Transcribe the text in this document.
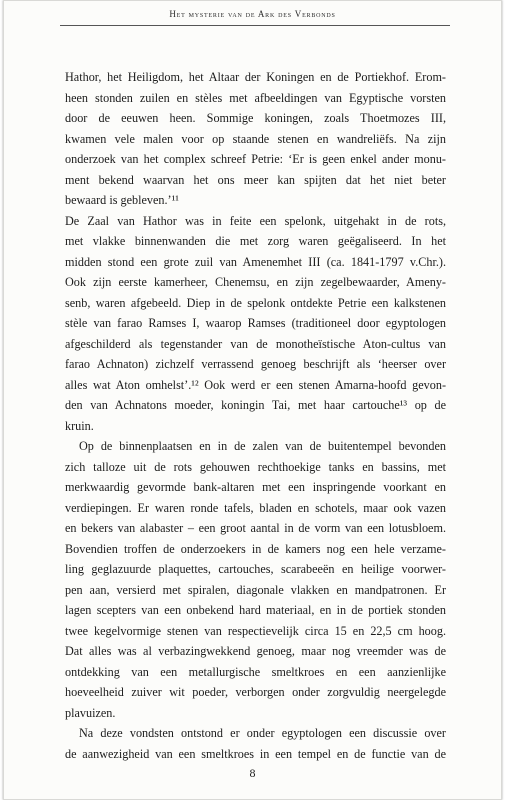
Het mysterie van de Ark des Verbonds
Hathor, het Heiligdom, het Altaar der Koningen en de Portiekhof. Erom-
heen stonden zuilen en stèles met afbeeldingen van Egyptische vorsten
door de eeuwen heen. Sommige koningen, zoals Thoetmozes III,
kwamen vele malen voor op staande stenen en wandreliëfs. Na zijn
onderzoek van het complex schreef Petrie: ‘Er is geen enkel ander monu-
ment bekend waarvan het ons meer kan spijten dat het niet beter
bewaard is gebleven.’¹¹
De Zaal van Hathor was in feite een spelonk, uitgehakt in de rots,
met vlakke binnenwanden die met zorg waren geëgaliseerd. In het
midden stond een grote zuil van Amenemhet III (ca. 1841-1797 v.Chr.).
Ook zijn eerste kamerheer, Chenemsu, en zijn zegelbewaarder, Ameny-
senb, waren afgebeeld. Diep in de spelonk ontdekte Petrie een kalkstenen
stèle van farao Ramses I, waarop Ramses (traditioneel door egyptologen
afgeschilderd als tegenstander van de monotheïstische Aton-cultus van
farao Achnaton) zichzelf verrassend genoeg beschrijft als ‘heerser over
alles wat Aton omhelst’.¹² Ook werd er een stenen Amarna-hoofd gevon-
den van Achnatons moeder, koningin Tai, met haar cartouche¹³ op de
kruin.
Op de binnenplaatsen en in de zalen van de buitentempel bevonden
zich talloze uit de rots gehouwen rechthoekige tanks en bassins, met
merkwaardig gevormde bank-altaren met een inspringende voorkant en
verdiepingen. Er waren ronde tafels, bladen en schotels, maar ook vazen
en bekers van alabaster – een groot aantal in de vorm van een lotusbloem.
Bovendien troffen de onderzoekers in de kamers nog een hele verzame-
ling geglazuurde plaquettes, cartouches, scarabeeën en heilige voorwer-
pen aan, versierd met spiralen, diagonale vlakken en mandpatronen. Er
lagen scepters van een onbekend hard materiaal, en in de portiek stonden
twee kegelvormige stenen van respectievelijk circa 15 en 22,5 cm hoog.
Dat alles was al verbazingwekkend genoeg, maar nog vreemder was de
ontdekking van een metallurgische smeltkroes en een aanzienlijke
hoeveelheid zuiver wit poeder, verborgen onder zorgvuldig neergelegde
plavuizen.
Na deze vondsten ontstond er onder egyptologen een discussie over
de aanwezigheid van een smeltkroes in een tempel en de functie van de
8
